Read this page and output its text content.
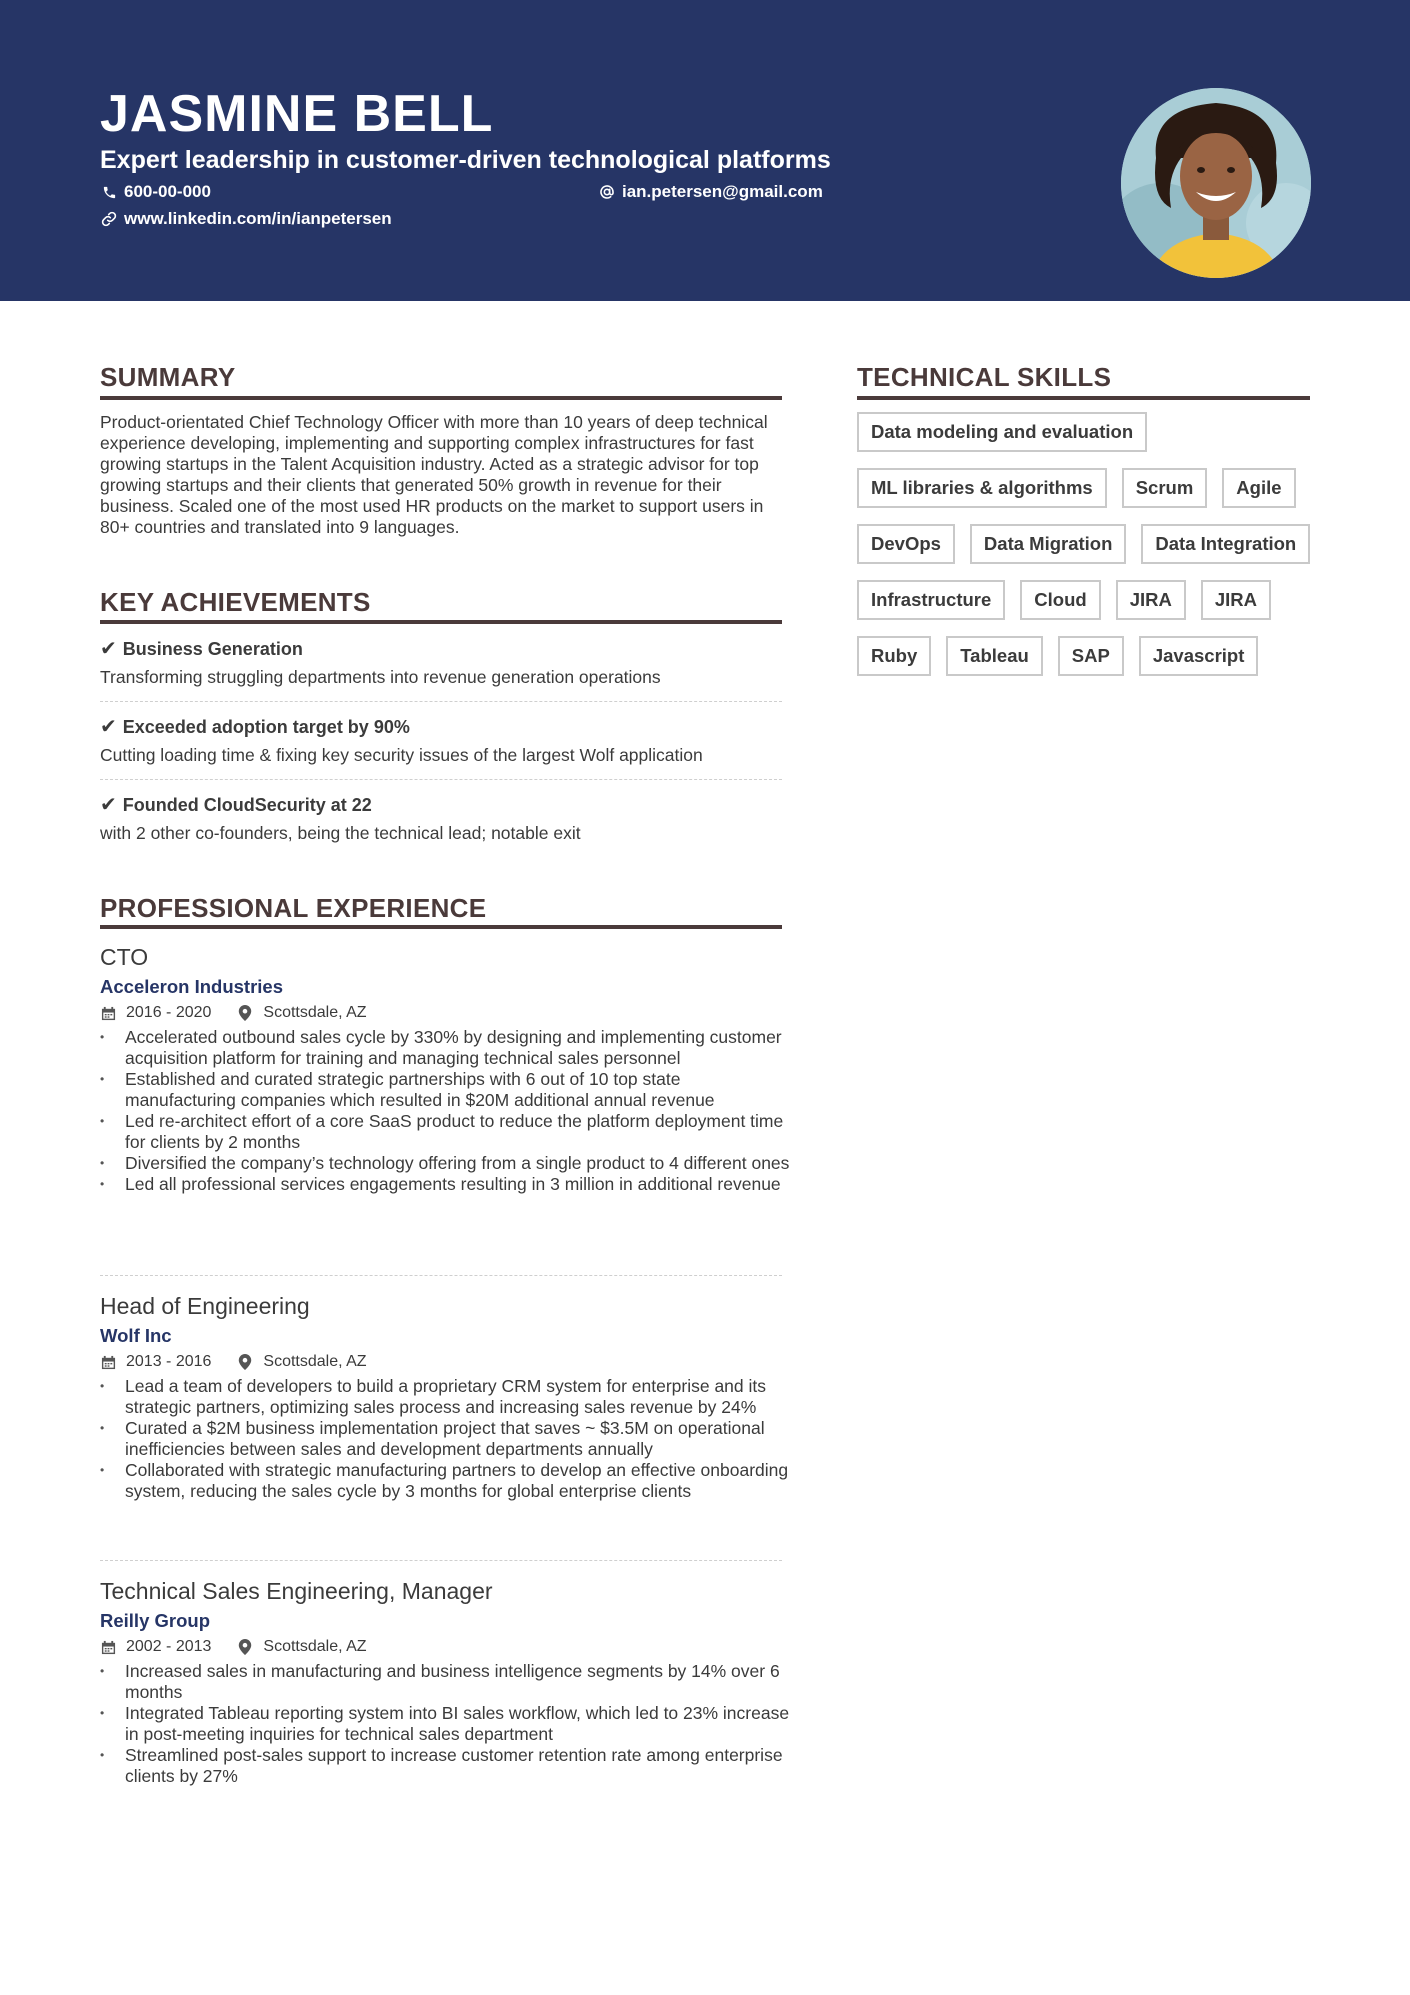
JASMINE BELL
Expert leadership in customer-driven technological platforms
600-00-000	ian.petersen@gmail.com
www.linkedin.com/in/ianpetersen
SUMMARY
Product-orientated Chief Technology Officer with more than 10 years of deep technical experience developing, implementing and supporting complex infrastructures for fast growing startups in the Talent Acquisition industry. Acted as a strategic advisor for top growing startups and their clients that generated 50% growth in revenue for their business. Scaled one of the most used HR products on the market to support users in 80+ countries and translated into 9 languages.
KEY ACHIEVEMENTS
✔ Business Generation
Transforming struggling departments into revenue generation operations
✔ Exceeded adoption target by 90%
Cutting loading time & fixing key security issues of the largest Wolf application
✔ Founded CloudSecurity at 22
with 2 other co-founders, being the technical lead; notable exit
PROFESSIONAL EXPERIENCE
CTO
Acceleron Industries
2016 - 2020	Scottsdale, AZ
• Accelerated outbound sales cycle by 330% by designing and implementing customer acquisition platform for training and managing technical sales personnel
• Established and curated strategic partnerships with 6 out of 10 top state manufacturing companies which resulted in $20M additional annual revenue
• Led re-architect effort of a core SaaS product to reduce the platform deployment time for clients by 2 months
• Diversified the company’s technology offering from a single product to 4 different ones
• Led all professional services engagements resulting in 3 million in additional revenue
Head of Engineering
Wolf Inc
2013 - 2016	Scottsdale, AZ
• Lead a team of developers to build a proprietary CRM system for enterprise and its strategic partners, optimizing sales process and increasing sales revenue by 24%
• Curated a $2M business implementation project that saves ~ $3.5M on operational inefficiencies between sales and development departments annually
• Collaborated with strategic manufacturing partners to develop an effective onboarding system, reducing the sales cycle by 3 months for global enterprise clients
Technical Sales Engineering, Manager
Reilly Group
2002 - 2013	Scottsdale, AZ
• Increased sales in manufacturing and business intelligence segments by 14% over 6 months
• Integrated Tableau reporting system into BI sales workflow, which led to 23% increase in post-meeting inquiries for technical sales department
• Streamlined post-sales support to increase customer retention rate among enterprise clients by 27%
TECHNICAL SKILLS
Data modeling and evaluation
ML libraries & algorithms	Scrum	Agile
DevOps	Data Migration	Data Integration
Infrastructure	Cloud	JIRA	JIRA
Ruby	Tableau	SAP	Javascript
